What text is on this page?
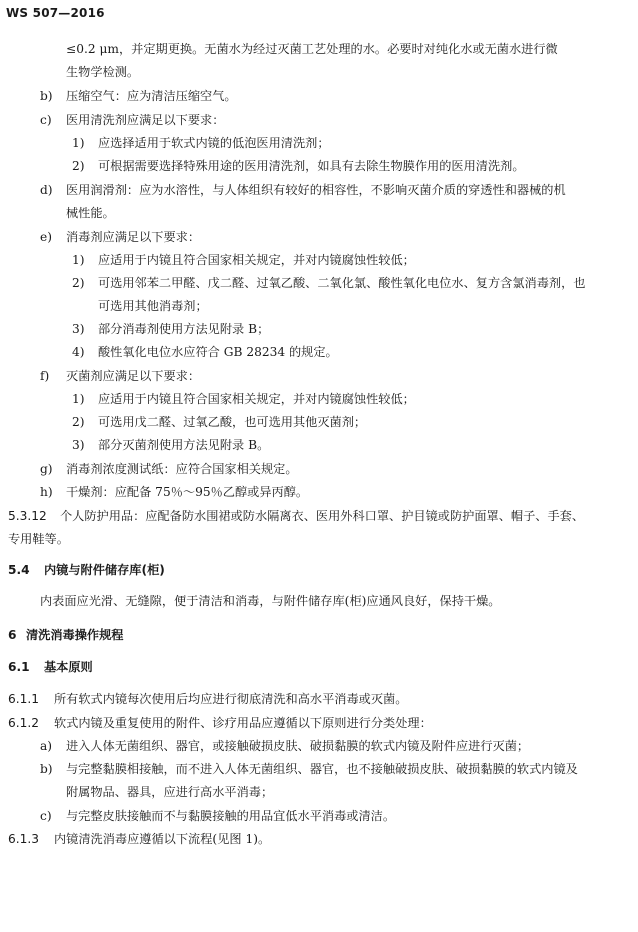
WS 507—2016
≤0.2 μm，并定期更换。无菌水为经过灭菌工艺处理的水。必要时对纯化水或无菌水进行微
生物学检测。
b) 压缩空气：应为清洁压缩空气。
c) 医用清洗剂应满足以下要求：
1) 应选择适用于软式内镜的低泡医用清洗剂；
2) 可根据需要选择特殊用途的医用清洗剂，如具有去除生物膜作用的医用清洗剂。
d) 医用润滑剂：应为水溶性，与人体组织有较好的相容性，不影响灭菌介质的穿透性和器械的机
械性能。
e) 消毒剂应满足以下要求：
1) 应适用于内镜且符合国家相关规定，并对内镜腐蚀性较低；
2) 可选用邻苯二甲醛、戊二醛、过氧乙酸、二氧化氯、酸性氧化电位水、复方含氯消毒剂，也
可选用其他消毒剂；
3) 部分消毒剂使用方法见附录 B；
4) 酸性氧化电位水应符合 GB 28234 的规定。
f) 灭菌剂应满足以下要求：
1) 应适用于内镜且符合国家相关规定，并对内镜腐蚀性较低；
2) 可选用戊二醛、过氧乙酸，也可选用其他灭菌剂；
3) 部分灭菌剂使用方法见附录 B。
g) 消毒剂浓度测试纸：应符合国家相关规定。
h) 干燥剂：应配备 75％～95％乙醇或异丙醇。
5.3.12 个人防护用品：应配备防水围裙或防水隔离衣、医用外科口罩、护目镜或防护面罩、帽子、手套、
专用鞋等。
5.4 内镜与附件储存库(柜)
内表面应光滑、无缝隙，便于清洁和消毒，与附件储存库(柜)应通风良好，保持干燥。
6 清洗消毒操作规程
6.1 基本原则
6.1.1 所有软式内镜每次使用后均应进行彻底清洗和高水平消毒或灭菌。
6.1.2 软式内镜及重复使用的附件、诊疗用品应遵循以下原则进行分类处理：
a) 进入人体无菌组织、器官，或接触破损皮肤、破损黏膜的软式内镜及附件应进行灭菌；
b) 与完整黏膜相接触，而不进入人体无菌组织、器官，也不接触破损皮肤、破损黏膜的软式内镜及
附属物品、器具，应进行高水平消毒；
c) 与完整皮肤接触而不与黏膜接触的用品宜低水平消毒或清洁。
6.1.3 内镜清洗消毒应遵循以下流程(见图 1)。
